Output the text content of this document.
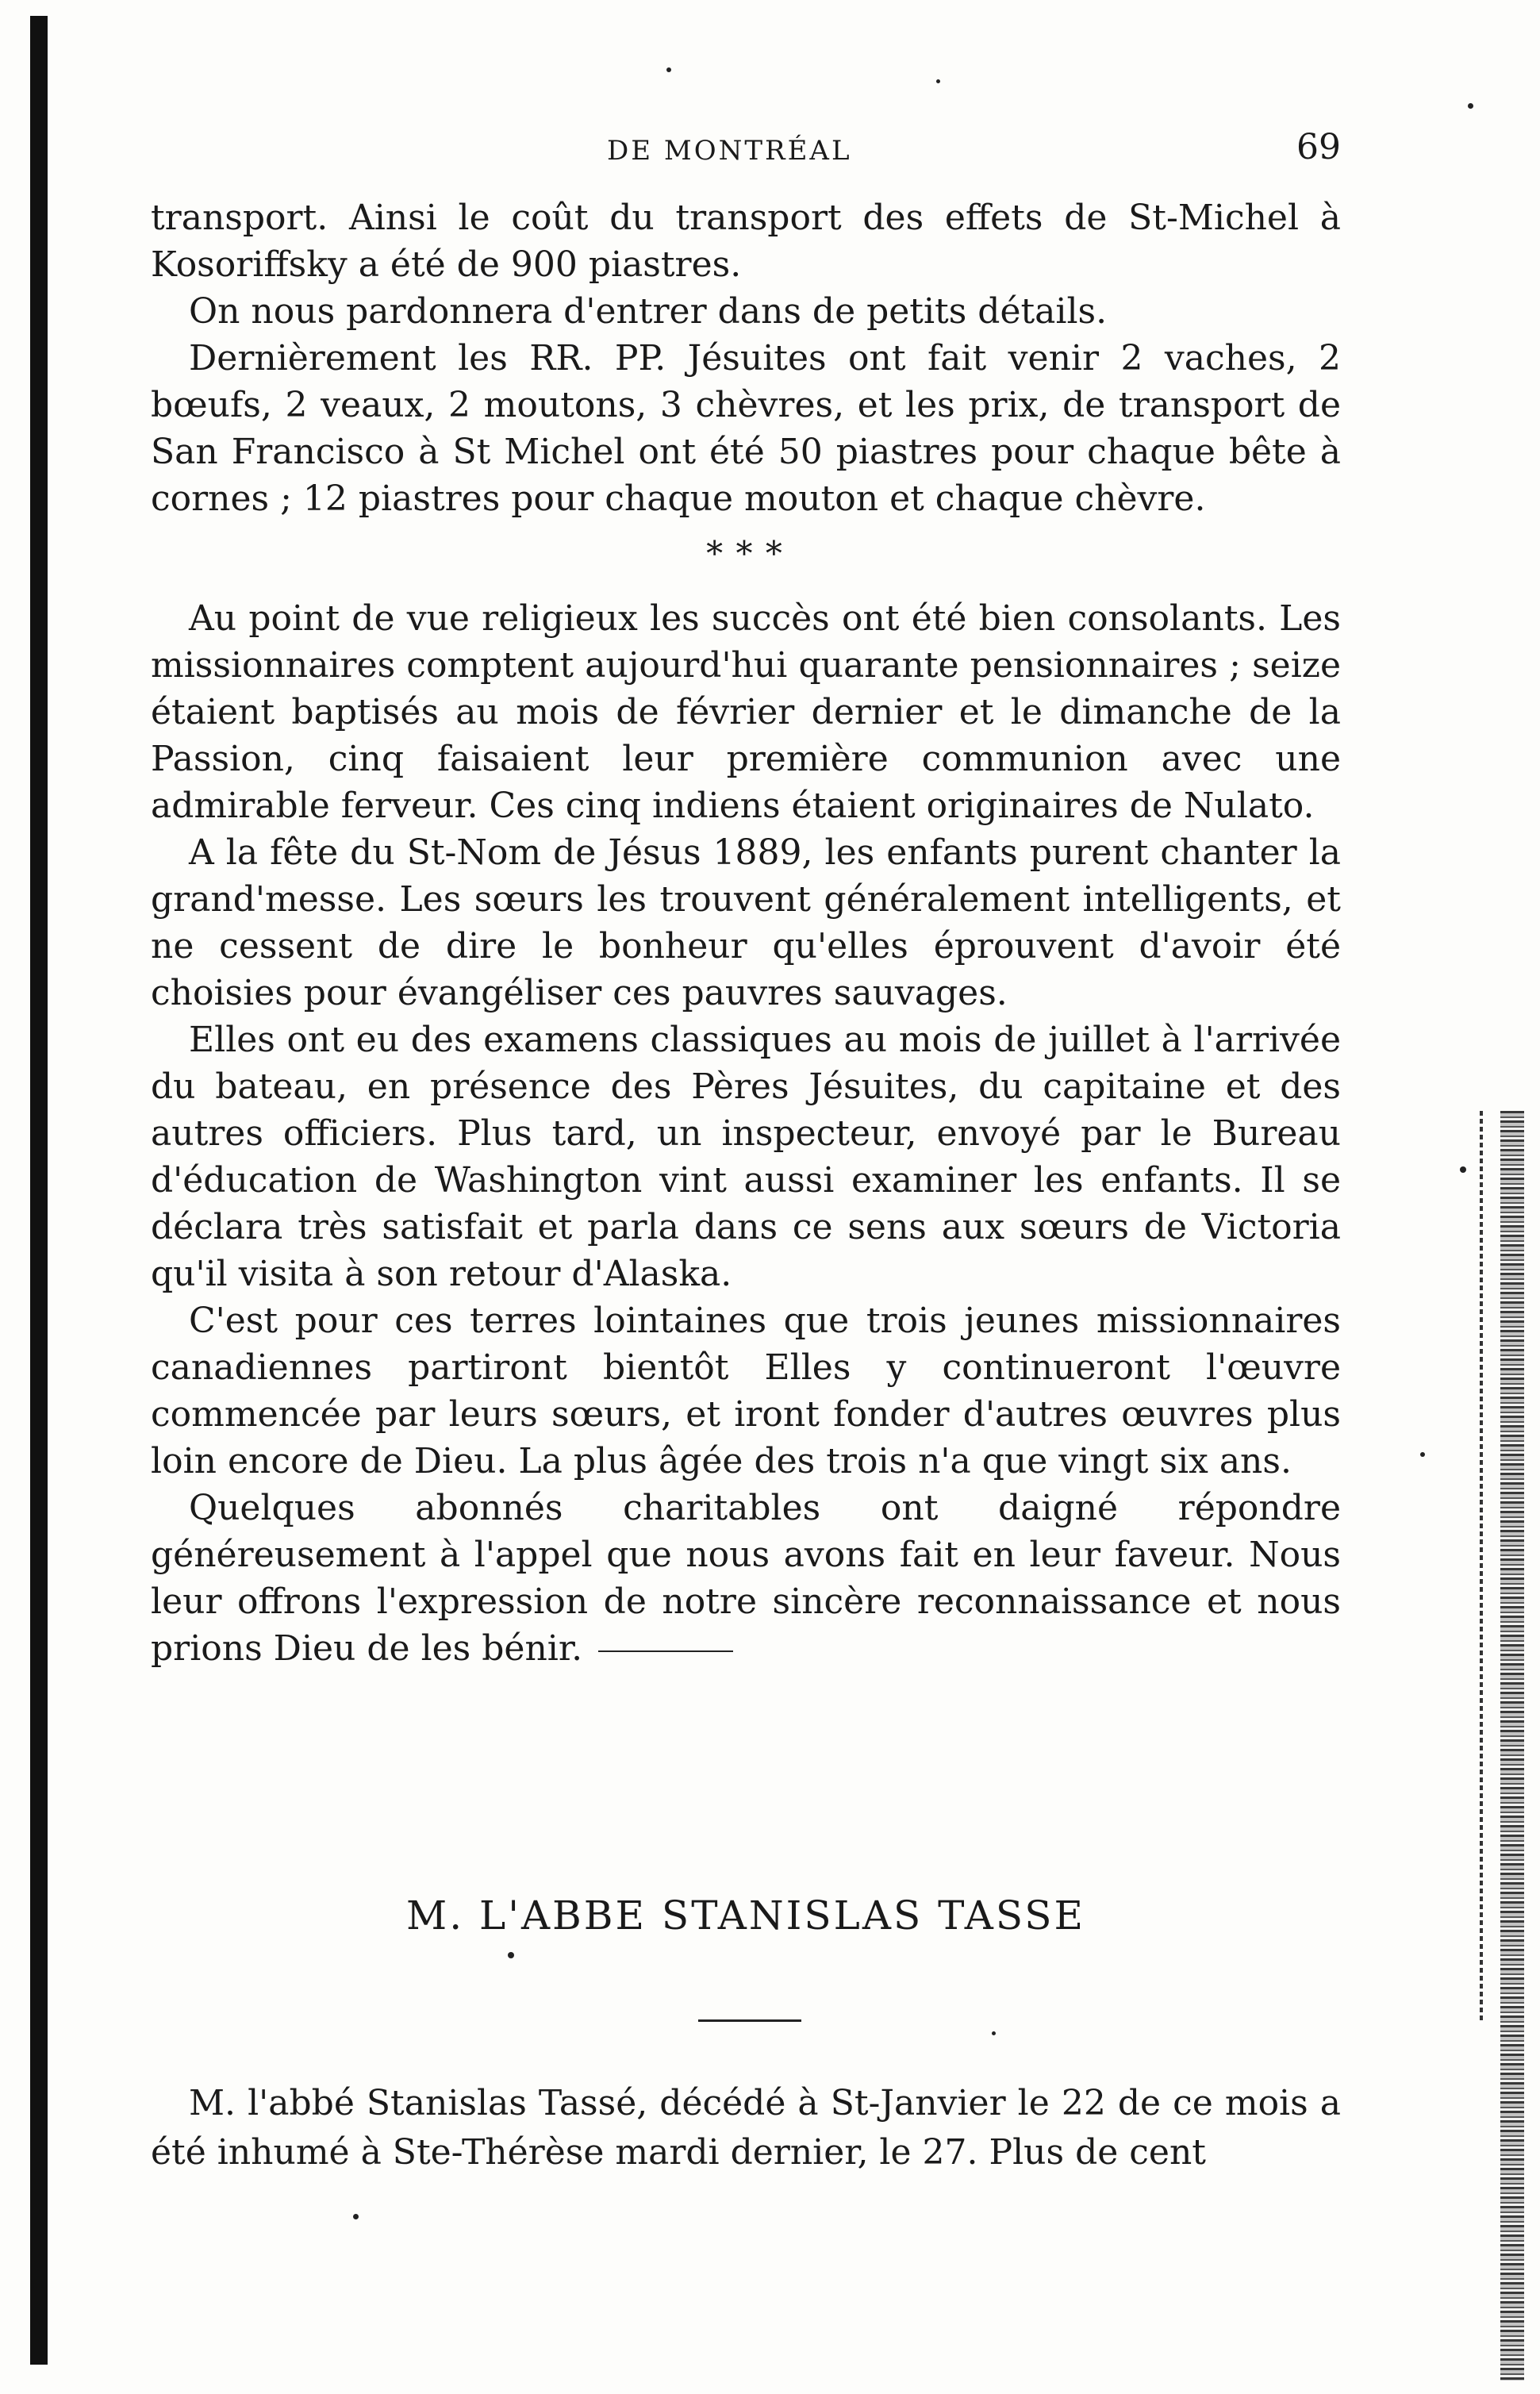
DE MONTRÉAL	69

transport. Ainsi le coût du transport des effets de St-Michel à Kosoriffsky a été de 900 piastres.

On nous pardonnera d'entrer dans de petits détails.

Dernièrement les RR. PP. Jésuites ont fait venir 2 vaches, 2 bœufs, 2 veaux, 2 moutons, 3 chèvres, et les prix, de transport de San Francisco à St Michel ont été 50 piastres pour chaque bête à cornes ; 12 piastres pour chaque mouton et chaque chèvre.

* * *

Au point de vue religieux les succès ont été bien consolants. Les missionnaires comptent aujourd'hui quarante pensionnaires ; seize étaient baptisés au mois de février dernier et le dimanche de la Passion, cinq faisaient leur première communion avec une admirable ferveur. Ces cinq indiens étaient originaires de Nulato.

A la fête du St-Nom de Jésus 1889, les enfants purent chanter la grand'messe. Les sœurs les trouvent généralement intelligents, et ne cessent de dire le bonheur qu'elles éprouvent d'avoir été choisies pour évangéliser ces pauvres sauvages.

Elles ont eu des examens classiques au mois de juillet à l'arrivée du bateau, en présence des Pères Jésuites, du capitaine et des autres officiers. Plus tard, un inspecteur, envoyé par le Bureau d'éducation de Washington vint aussi examiner les enfants. Il se déclara très satisfait et parla dans ce sens aux sœurs de Victoria qu'il visita à son retour d'Alaska.

C'est pour ces terres lointaines que trois jeunes missionnaires canadiennes partiront bientôt Elles y continueront l'œuvre commencée par leurs sœurs, et iront fonder d'autres œuvres plus loin encore de Dieu. La plus âgée des trois n'a que vingt six ans.

Quelques abonnés charitables ont daigné répondre généreusement à l'appel que nous avons fait en leur faveur. Nous leur offrons l'expression de notre sincère reconnaissance et nous prions Dieu de les bénir.

M. L'ABBE STANISLAS TASSE

M. l'abbé Stanislas Tassé, décédé à St-Janvier le 22 de ce mois a été inhumé à Ste-Thérèse mardi dernier, le 27. Plus de cent
